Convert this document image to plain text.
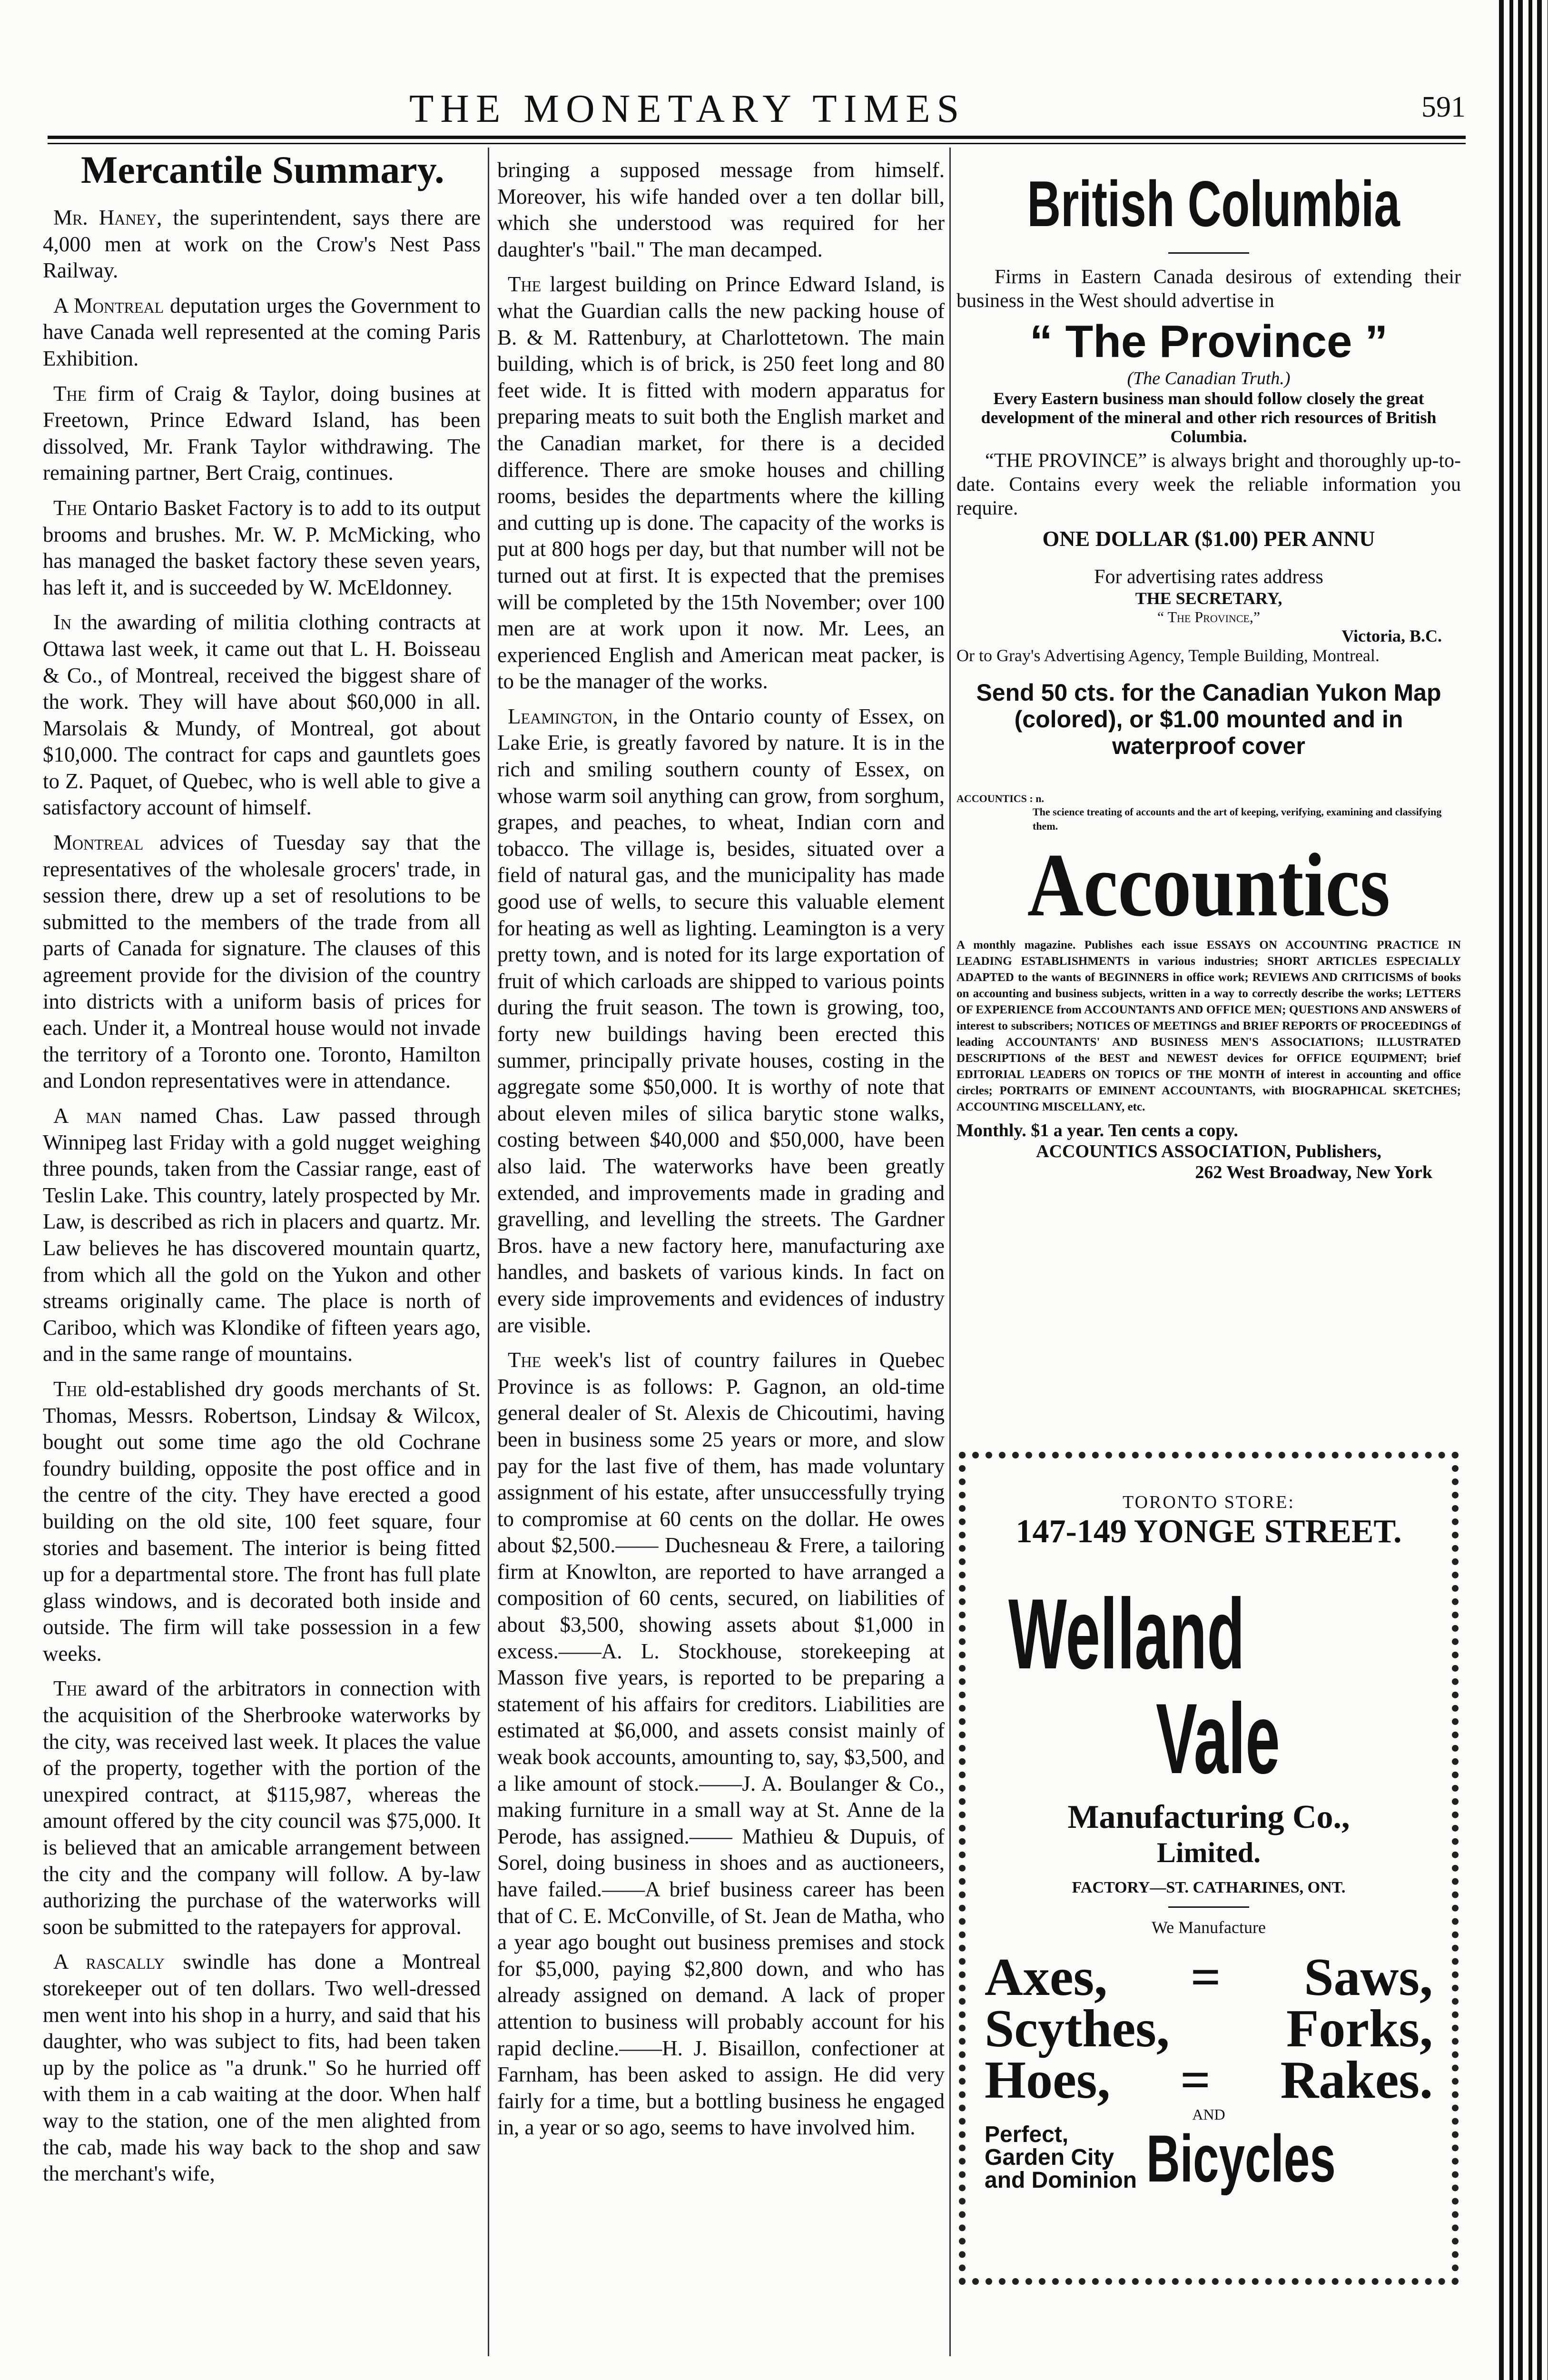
THE MONETARY TIMES	591
Mercantile Summary.

Mr. Haney, the superintendent, says there are 4,000 men at work on the Crow's Nest Pass Railway.

A Montreal deputation urges the Government to have Canada well represented at the coming Paris Exhibition.

The firm of Craig & Taylor, doing busines at Freetown, Prince Edward Island, has been dissolved, Mr. Frank Taylor withdrawing. The remaining partner, Bert Craig, continues.

The Ontario Basket Factory is to add to its output brooms and brushes. Mr. W. P. McMicking, who has managed the basket factory these seven years, has left it, and is succeeded by W. McEldonney.

In the awarding of militia clothing contracts at Ottawa last week, it came out that L. H. Boisseau & Co., of Montreal, received the biggest share of the work. They will have about $60,000 in all. Marsolais & Mundy, of Montreal, got about $10,000. The contract for caps and gauntlets goes to Z. Paquet, of Quebec, who is well able to give a satisfactory account of himself.

Montreal advices of Tuesday say that the representatives of the wholesale grocers' trade, in session there, drew up a set of resolutions to be submitted to the members of the trade from all parts of Canada for signature. The clauses of this agreement provide for the division of the country into districts with a uniform basis of prices for each. Under it, a Montreal house would not invade the territory of a Toronto one. Toronto, Hamilton and London representatives were in attendance.

A man named Chas. Law passed through Winnipeg last Friday with a gold nugget weighing three pounds, taken from the Cassiar range, east of Teslin Lake. This country, lately prospected by Mr. Law, is described as rich in placers and quartz. Mr. Law believes he has discovered mountain quartz, from which all the gold on the Yukon and other streams originally came. The place is north of Cariboo, which was Klondike of fifteen years ago, and in the same range of mountains.

The old-established dry goods merchants of St. Thomas, Messrs. Robertson, Lindsay & Wilcox, bought out some time ago the old Cochrane foundry building, opposite the post office and in the centre of the city. They have erected a good building on the old site, 100 feet square, four stories and basement. The interior is being fitted up for a departmental store. The front has full plate glass windows, and is decorated both inside and outside. The firm will take possession in a few weeks.

The award of the arbitrators in connection with the acquisition of the Sherbrooke waterworks by the city, was received last week. It places the value of the property, together with the portion of the unexpired contract, at $115,987, whereas the amount offered by the city council was $75,000. It is believed that an amicable arrangement between the city and the company will follow. A by-law authorizing the purchase of the waterworks will soon be submitted to the ratepayers for approval.

A rascally swindle has done a Montreal storekeeper out of ten dollars. Two well-dressed men went into his shop in a hurry, and said that his daughter, who was subject to fits, had been taken up by the police as "a drunk." So he hurried off with them in a cab waiting at the door. When half way to the station, one of the men alighted from the cab, made his way back to the shop and saw the merchant's wife,

bringing a supposed message from himself. Moreover, his wife handed over a ten dollar bill, which she understood was required for her daughter's "bail." The man decamped.

The largest building on Prince Edward Island, is what the Guardian calls the new packing house of B. & M. Rattenbury, at Charlottetown. The main building, which is of brick, is 250 feet long and 80 feet wide. It is fitted with modern apparatus for preparing meats to suit both the English market and the Canadian market, for there is a decided difference. There are smoke houses and chilling rooms, besides the departments where the killing and cutting up is done. The capacity of the works is put at 800 hogs per day, but that number will not be turned out at first. It is expected that the premises will be completed by the 15th November; over 100 men are at work upon it now. Mr. Lees, an experienced English and American meat packer, is to be the manager of the works.

Leamington, in the Ontario county of Essex, on Lake Erie, is greatly favored by nature. It is in the rich and smiling southern county of Essex, on whose warm soil anything can grow, from sorghum, grapes, and peaches, to wheat, Indian corn and tobacco. The village is, besides, situated over a field of natural gas, and the municipality has made good use of wells, to secure this valuable element for heating as well as lighting. Leamington is a very pretty town, and is noted for its large exportation of fruit of which carloads are shipped to various points during the fruit season. The town is growing, too, forty new buildings having been erected this summer, principally private houses, costing in the aggregate some $50,000. It is worthy of note that about eleven miles of silica barytic stone walks, costing between $40,000 and $50,000, have been also laid. The waterworks have been greatly extended, and improvements made in grading and gravelling, and levelling the streets. The Gardner Bros. have a new factory here, manufacturing axe handles, and baskets of various kinds. In fact on every side improvements and evidences of industry are visible.

The week's list of country failures in Quebec Province is as follows: P. Gagnon, an old-time general dealer of St. Alexis de Chicoutimi, having been in business some 25 years or more, and slow pay for the last five of them, has made voluntary assignment of his estate, after unsuccessfully trying to compromise at 60 cents on the dollar. He owes about $2,500.—— Duchesneau & Frere, a tailoring firm at Knowlton, are reported to have arranged a composition of 60 cents, secured, on liabilities of about $3,500, showing assets about $1,000 in excess.——A. L. Stockhouse, storekeeping at Masson five years, is reported to be preparing a statement of his affairs for creditors. Liabilities are estimated at $6,000, and assets consist mainly of weak book accounts, amounting to, say, $3,500, and a like amount of stock.——J. A. Boulanger & Co., making furniture in a small way at St. Anne de la Perode, has assigned.—— Mathieu & Dupuis, of Sorel, doing business in shoes and as auctioneers, have failed.——A brief business career has been that of C. E. McConville, of St. Jean de Matha, who a year ago bought out business premises and stock for $5,000, paying $2,800 down, and who has already assigned on demand. A lack of proper attention to business will probably account for his rapid decline.——H. J. Bisaillon, confectioner at Farnham, has been asked to assign. He did very fairly for a time, but a bottling business he engaged in, a year or so ago, seems to have involved him.

British Columbia
Firms in Eastern Canada desirous of extending their business in the West should advertise in
“ The Province ”
(The Canadian Truth.)
Every Eastern business man should follow closely the great development of the mineral and other rich resources of British Columbia.
“THE PROVINCE” is always bright and thoroughly up-to-date. Contains every week the reliable information you require.
ONE DOLLAR ($1.00) PER ANNU
For advertising rates address
THE SECRETARY,
“ The Province,”
Victoria, B.C.
Or to Gray's Advertising Agency, Temple Building, Montreal.
Send 50 cts. for the Canadian Yukon Map (colored), or $1.00 mounted and in waterproof cover
ACCOUNTICS : n.
The science treating of accounts and the art of keeping, verifying, examining and classifying them.
Accountics
A monthly magazine. Publishes each issue ESSAYS ON ACCOUNTING PRACTICE IN LEADING ESTABLISHMENTS in various industries; SHORT ARTICLES ESPECIALLY ADAPTED to the wants of BEGINNERS in office work; REVIEWS AND CRITICISMS of books on accounting and business subjects, written in a way to correctly describe the works; LETTERS OF EXPERIENCE from ACCOUNTANTS AND OFFICE MEN; QUESTIONS AND ANSWERS of interest to subscribers; NOTICES OF MEETINGS and BRIEF REPORTS OF PROCEEDINGS of leading ACCOUNTANTS' AND BUSINESS MEN'S ASSOCIATIONS; ILLUSTRATED DESCRIPTIONS of the BEST and NEWEST devices for OFFICE EQUIPMENT; brief EDITORIAL LEADERS ON TOPICS OF THE MONTH of interest in accounting and office circles; PORTRAITS OF EMINENT ACCOUNTANTS, with BIOGRAPHICAL SKETCHES; ACCOUNTING MISCELLANY, etc.
Monthly. $1 a year. Ten cents a copy.
ACCOUNTICS ASSOCIATION, Publishers,
262 West Broadway, New York
TORONTO STORE:
147-149 YONGE STREET.
Welland
Vale
Manufacturing Co.,
Limited.
FACTORY—ST. CATHARINES, ONT.
We Manufacture
Axes, = Saws,
Scythes, Forks,
Hoes, = Rakes.
AND
Perfect,
Garden City
and Dominion Bicycles
